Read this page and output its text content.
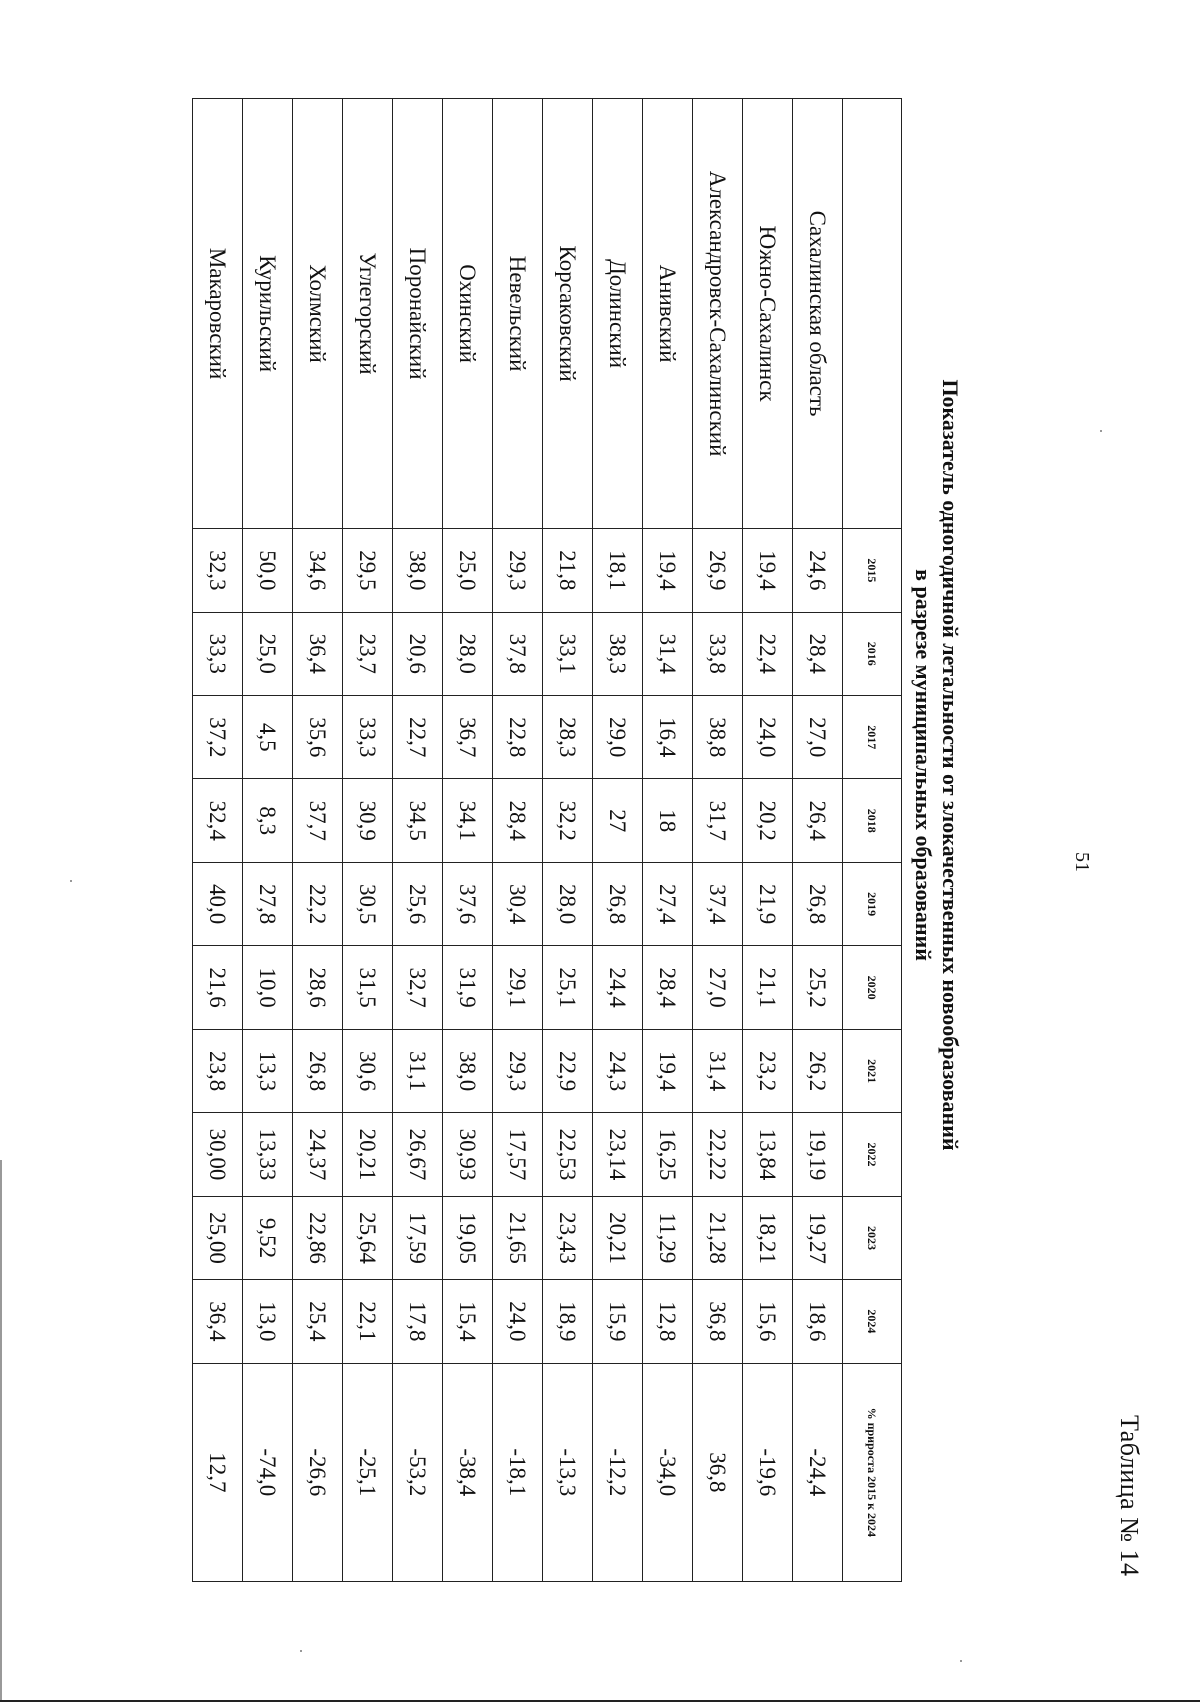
51
Таблица № 14
Показатель одногодичной летальности от злокачественных новообразований
в разрезе муниципальных образований
	2015	2016	2017	2018	2019	2020	2021	2022	2023	2024	% прироста 2015 к 2024
Сахалинская область	24,6	28,4	27,0	26,4	26,8	25,2	26,2	19,19	19,27	18,6	-24,4
Южно-Сахалинск	19,4	22,4	24,0	20,2	21,9	21,1	23,2	13,84	18,21	15,6	-19,6
Александровск-Сахалинский	26,9	33,8	38,8	31,7	37,4	27,0	31,4	22,22	21,28	36,8	36,8
Анивский	19,4	31,4	16,4	18	27,4	28,4	19,4	16,25	11,29	12,8	-34,0
Долинский	18,1	38,3	29,0	27	26,8	24,4	24,3	23,14	20,21	15,9	-12,2
Корсаковский	21,8	33,1	28,3	32,2	28,0	25,1	22,9	22,53	23,43	18,9	-13,3
Невельский	29,3	37,8	22,8	28,4	30,4	29,1	29,3	17,57	21,65	24,0	-18,1
Охинский	25,0	28,0	36,7	34,1	37,6	31,9	38,0	30,93	19,05	15,4	-38,4
Поронайский	38,0	20,6	22,7	34,5	25,6	32,7	31,1	26,67	17,59	17,8	-53,2
Углегорский	29,5	23,7	33,3	30,9	30,5	31,5	30,6	20,21	25,64	22,1	-25,1
Холмский	34,6	36,4	35,6	37,7	22,2	28,6	26,8	24,37	22,86	25,4	-26,6
Курильский	50,0	25,0	4,5	8,3	27,8	10,0	13,3	13,33	9,52	13,0	-74,0
Макаровский	32,3	33,3	37,2	32,4	40,0	21,6	23,8	30,00	25,00	36,4	12,7
